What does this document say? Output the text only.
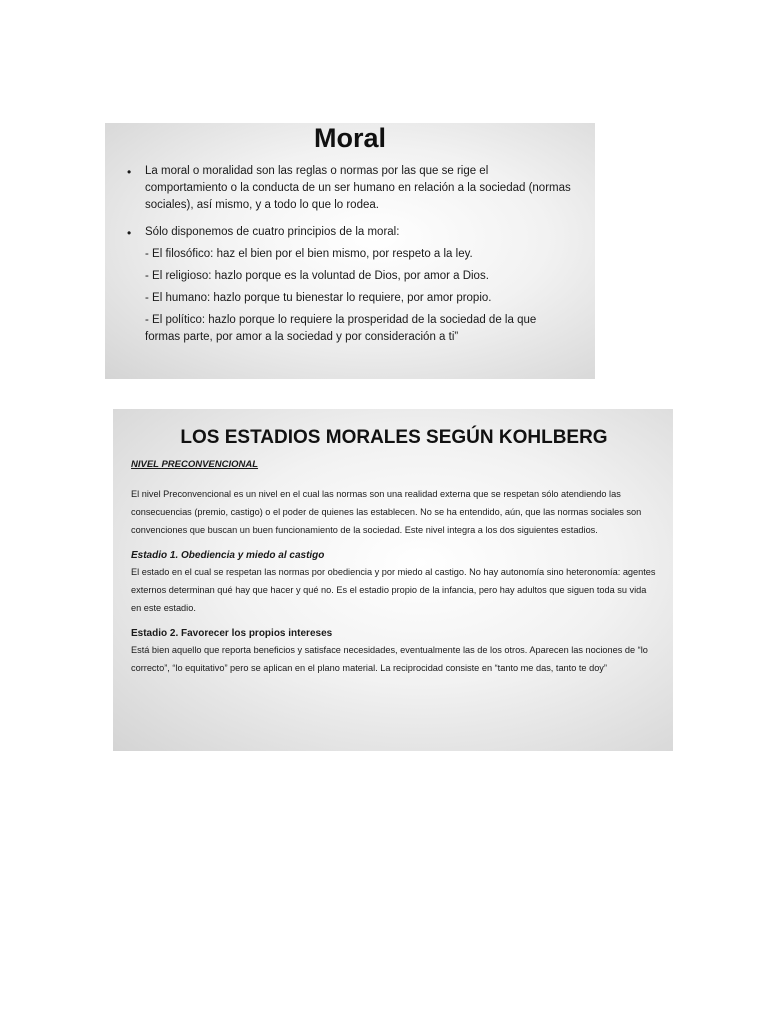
Moral
• La moral o moralidad son las reglas o normas por las que se rige el comportamiento o la conducta de un ser humano en relación a la sociedad (normas sociales), así mismo, y a todo lo que lo rodea.
• Sólo disponemos de cuatro principios de la moral:
- El filosófico: haz el bien por el bien mismo, por respeto a la ley.
- El religioso: hazlo porque es la voluntad de Dios, por amor a Dios.
- El humano: hazlo porque tu bienestar lo requiere, por amor propio.
- El político: hazlo porque lo requiere la prosperidad de la sociedad de la que formas parte, por amor a la sociedad y por consideración a ti”
LOS ESTADIOS MORALES SEGÚN KOHLBERG
NIVEL PRECONVENCIONAL
El nivel Preconvencional es un nivel en el cual las normas son una realidad externa que se respetan sólo atendiendo las consecuencias (premio, castigo) o el poder de quienes las establecen. No se ha entendido, aún, que las normas sociales son convenciones que buscan un buen funcionamiento de la sociedad. Este nivel integra a los dos siguientes estadios.
Estadio 1. Obediencia y miedo al castigo
El estado en el cual se respetan las normas por obediencia y por miedo al castigo. No hay autonomía sino heteronomía: agentes externos determinan qué hay que hacer y qué no. Es el estadio propio de la infancia, pero hay adultos que siguen toda su vida en este estadio.
Estadio 2. Favorecer los propios intereses
Está bien aquello que reporta beneficios y satisface necesidades, eventualmente las de los otros. Aparecen las nociones de “lo correcto”, “lo equitativo” pero se aplican en el plano material. La reciprocidad consiste en “tanto me das, tanto te doy”
